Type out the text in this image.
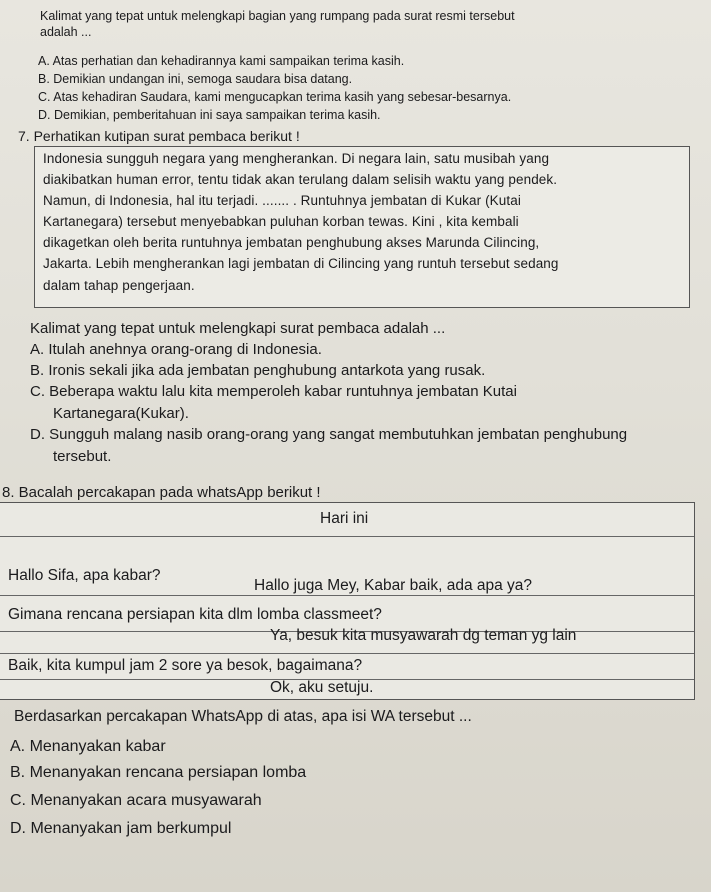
Kalimat yang tepat untuk melengkapi bagian yang rumpang pada surat resmi tersebut
adalah ...
A. Atas perhatian dan kehadirannya kami sampaikan terima kasih.
B. Demikian undangan ini, semoga saudara bisa datang.
C. Atas kehadiran Saudara, kami mengucapkan terima kasih yang sebesar-besarnya.
D. Demikian, pemberitahuan ini saya sampaikan terima kasih.
7. Perhatikan kutipan surat pembaca berikut !
Indonesia sungguh negara yang mengherankan. Di negara lain, satu musibah yang
diakibatkan human error, tentu tidak akan terulang dalam selisih waktu yang pendek.
Namun, di Indonesia, hal itu terjadi. ....... . Runtuhnya jembatan di Kukar (Kutai
Kartanegara) tersebut menyebabkan puluhan korban tewas. Kini , kita kembali
dikagetkan oleh berita runtuhnya jembatan penghubung akses Marunda Cilincing,
Jakarta. Lebih mengherankan lagi jembatan di Cilincing yang runtuh tersebut sedang
dalam tahap pengerjaan.
Kalimat yang tepat untuk melengkapi surat pembaca adalah ...
A. Itulah anehnya orang-orang di Indonesia.
B. Ironis sekali jika ada jembatan penghubung antarkota yang rusak.
C. Beberapa waktu lalu kita memperoleh kabar runtuhnya jembatan Kutai
Kartanegara(Kukar).
D. Sungguh malang nasib orang-orang yang sangat membutuhkan jembatan penghubung
tersebut.
8. Bacalah percakapan pada whatsApp berikut !
Hari ini
Hallo Sifa, apa kabar?
Hallo juga Mey, Kabar baik, ada apa ya?
Gimana rencana persiapan kita dlm lomba classmeet?
Ya, besuk kita musyawarah dg teman yg lain
Baik, kita kumpul jam 2 sore ya besok, bagaimana?
Ok, aku setuju.
Berdasarkan percakapan WhatsApp di atas, apa isi WA tersebut ...
A. Menanyakan kabar
B. Menanyakan rencana persiapan lomba
C. Menanyakan acara musyawarah
D. Menanyakan jam berkumpul
